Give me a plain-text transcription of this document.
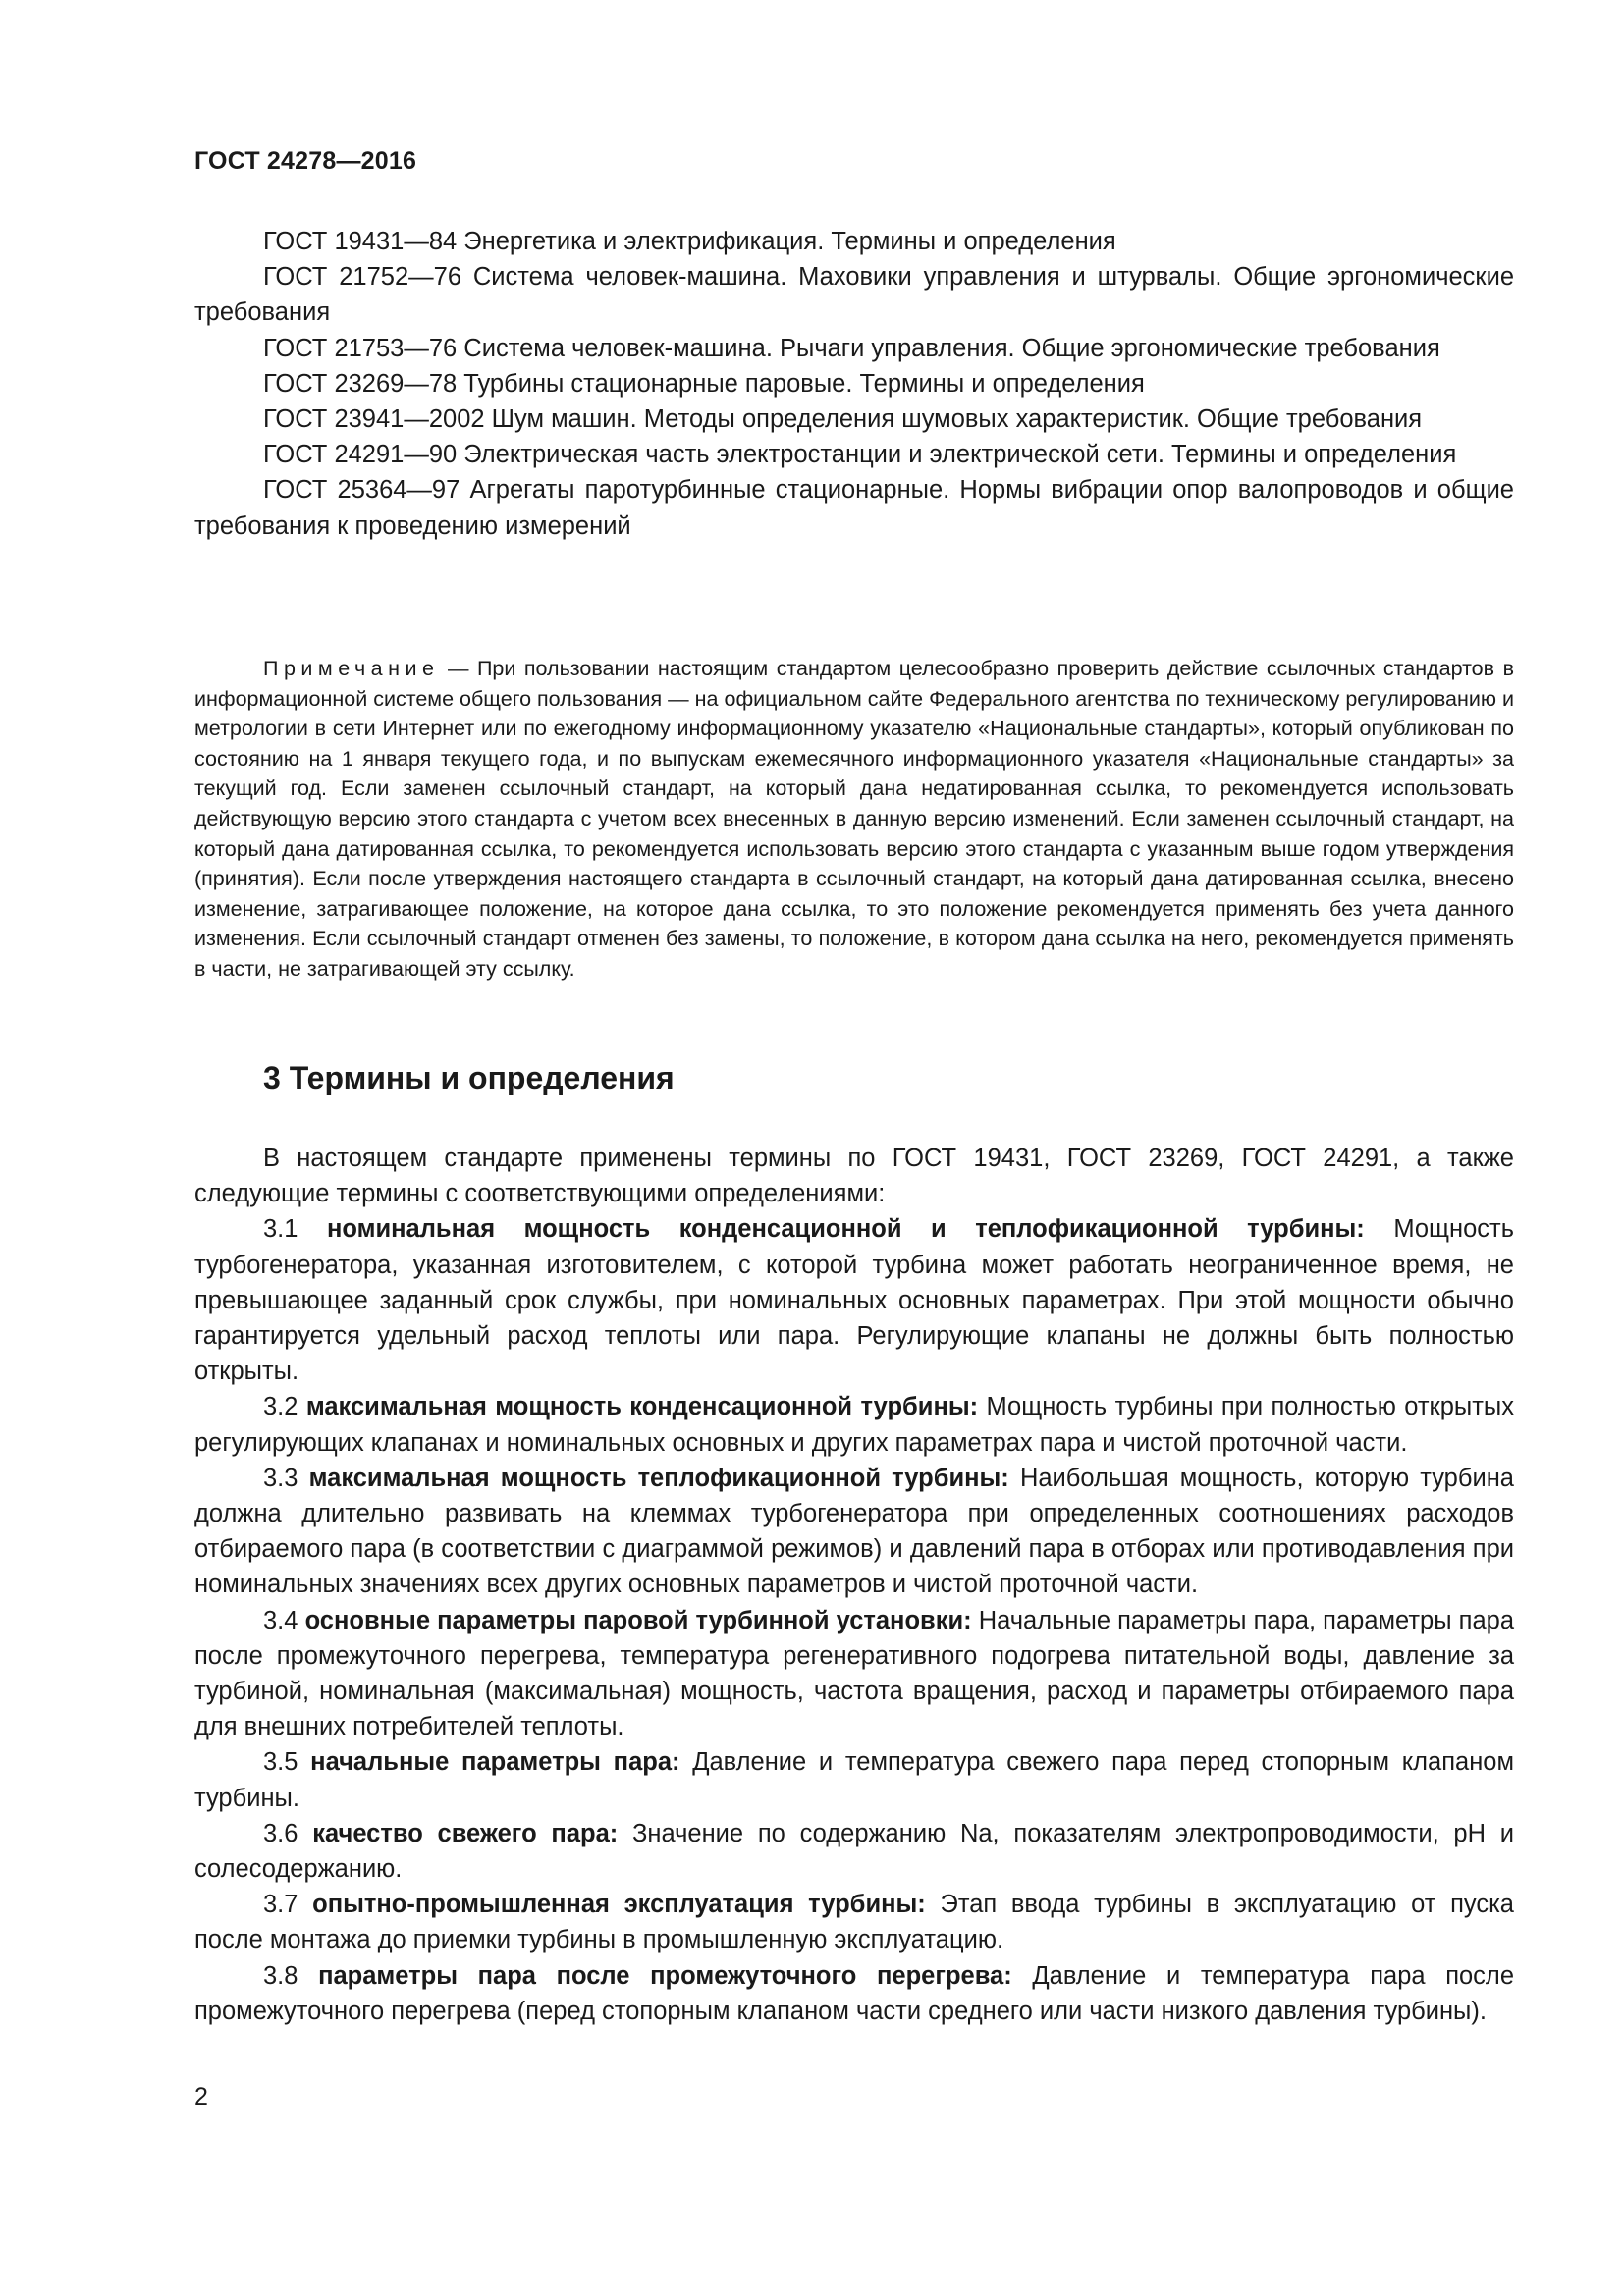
ГОСТ 24278—2016

ГОСТ 19431—84 Энергетика и электрификация. Термины и определения

ГОСТ 21752—76 Система человек-машина. Маховики управления и штурвалы. Общие эргономические требования

ГОСТ 21753—76 Система человек-машина. Рычаги управления. Общие эргономические требования

ГОСТ 23269—78 Турбины стационарные паровые. Термины и определения

ГОСТ 23941—2002 Шум машин. Методы определения шумовых характеристик. Общие требования

ГОСТ 24291—90 Электрическая часть электростанции и электрической сети. Термины и определения

ГОСТ 25364—97 Агрегаты паротурбинные стационарные. Нормы вибрации опор валопроводов и общие требования к проведению измерений

Примечание — При пользовании настоящим стандартом целесообразно проверить действие ссылочных стандартов в информационной системе общего пользования — на официальном сайте Федерального агентства по техническому регулированию и метрологии в сети Интернет или по ежегодному информационному указателю «Национальные стандарты», который опубликован по состоянию на 1 января текущего года, и по выпускам ежемесячного информационного указателя «Национальные стандарты» за текущий год. Если заменен ссылочный стандарт, на который дана недатированная ссылка, то рекомендуется использовать действующую версию этого стандарта с учетом всех внесенных в данную версию изменений. Если заменен ссылочный стандарт, на который дана датированная ссылка, то рекомендуется использовать версию этого стандарта с указанным выше годом утверждения (принятия). Если после утверждения настоящего стандарта в ссылочный стандарт, на который дана датированная ссылка, внесено изменение, затрагивающее положение, на которое дана ссылка, то это положение рекомендуется применять без учета данного изменения. Если ссылочный стандарт отменен без замены, то положение, в котором дана ссылка на него, рекомендуется применять в части, не затрагивающей эту ссылку.

3 Термины и определения

В настоящем стандарте применены термины по ГОСТ 19431, ГОСТ 23269, ГОСТ 24291, а также следующие термины с соответствующими определениями:

3.1 номинальная мощность конденсационной и теплофикационной турбины: Мощность турбогенератора, указанная изготовителем, с которой турбина может работать неограниченное время, не превышающее заданный срок службы, при номинальных основных параметрах. При этой мощности обычно гарантируется удельный расход теплоты или пара. Регулирующие клапаны не должны быть полностью открыты.

3.2 максимальная мощность конденсационной турбины: Мощность турбины при полностью открытых регулирующих клапанах и номинальных основных и других параметрах пара и чистой проточной части.

3.3 максимальная мощность теплофикационной турбины: Наибольшая мощность, которую турбина должна длительно развивать на клеммах турбогенератора при определенных соотношениях расходов отбираемого пара (в соответствии с диаграммой режимов) и давлений пара в отборах или противодавления при номинальных значениях всех других основных параметров и чистой проточной части.

3.4 основные параметры паровой турбинной установки: Начальные параметры пара, параметры пара после промежуточного перегрева, температура регенеративного подогрева питательной воды, давление за турбиной, номинальная (максимальная) мощность, частота вращения, расход и параметры отбираемого пара для внешних потребителей теплоты.

3.5 начальные параметры пара: Давление и температура свежего пара перед стопорным клапаном турбины.

3.6 качество свежего пара: Значение по содержанию Na, показателям электропроводимости, pH и солесодержанию.

3.7 опытно-промышленная эксплуатация турбины: Этап ввода турбины в эксплуатацию от пуска после монтажа до приемки турбины в промышленную эксплуатацию.

3.8 параметры пара после промежуточного перегрева: Давление и температура пара после промежуточного перегрева (перед стопорным клапаном части среднего или части низкого давления турбины).

2
